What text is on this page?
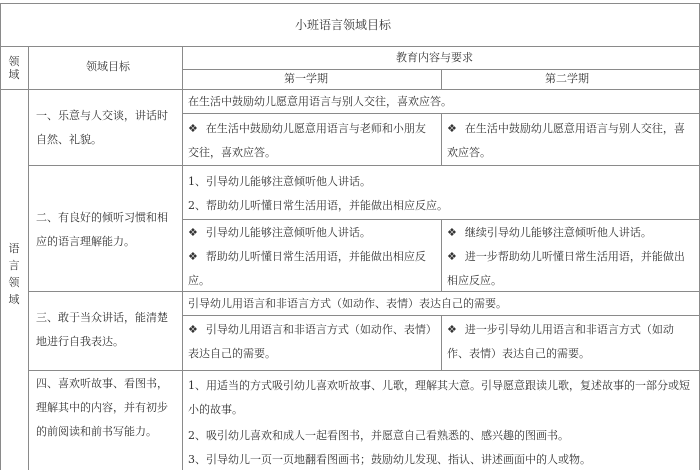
小班语言领域目标
领域
领域目标
教育内容与要求
第一学期	第二学期
语言领域
一、乐意与人交谈，讲话时自然、礼貌。
在生活中鼓励幼儿愿意用语言与别人交往，喜欢应答。
❖ 在生活中鼓励幼儿愿意用语言与老师和小朋友交往，喜欢应答。
❖ 在生活中鼓励幼儿愿意用语言与别人交往，喜欢应答。
二、有良好的倾听习惯和相应的语言理解能力。
1、引导幼儿能够注意倾听他人讲话。
2、帮助幼儿听懂日常生活用语，并能做出相应反应。
❖ 引导幼儿能够注意倾听他人讲话。
❖ 帮助幼儿听懂日常生活用语，并能做出相应反应。
❖ 继续引导幼儿能够注意倾听他人讲话。
❖ 进一步帮助幼儿听懂日常生活用语，并能做出相应反应。
三、敢于当众讲话，能清楚地进行自我表达。
引导幼儿用语言和非语言方式（如动作、表情）表达自己的需要。
❖ 引导幼儿用语言和非语言方式（如动作、表情）表达自己的需要。
❖ 进一步引导幼儿用语言和非语言方式（如动作、表情）表达自己的需要。
四、喜欢听故事、看图书，理解其中的内容，并有初步的前阅读和前书写能力。
1、用适当的方式吸引幼儿喜欢听故事、儿歌，理解其大意。引导愿意跟读儿歌，复述故事的一部分或短小的故事。
2、吸引幼儿喜欢和成人一起看图书，并愿意自己看熟悉的、感兴趣的图画书。
3、引导幼儿一页一页地翻看图画书；鼓励幼儿发现、指认、讲述画面中的人或物。
